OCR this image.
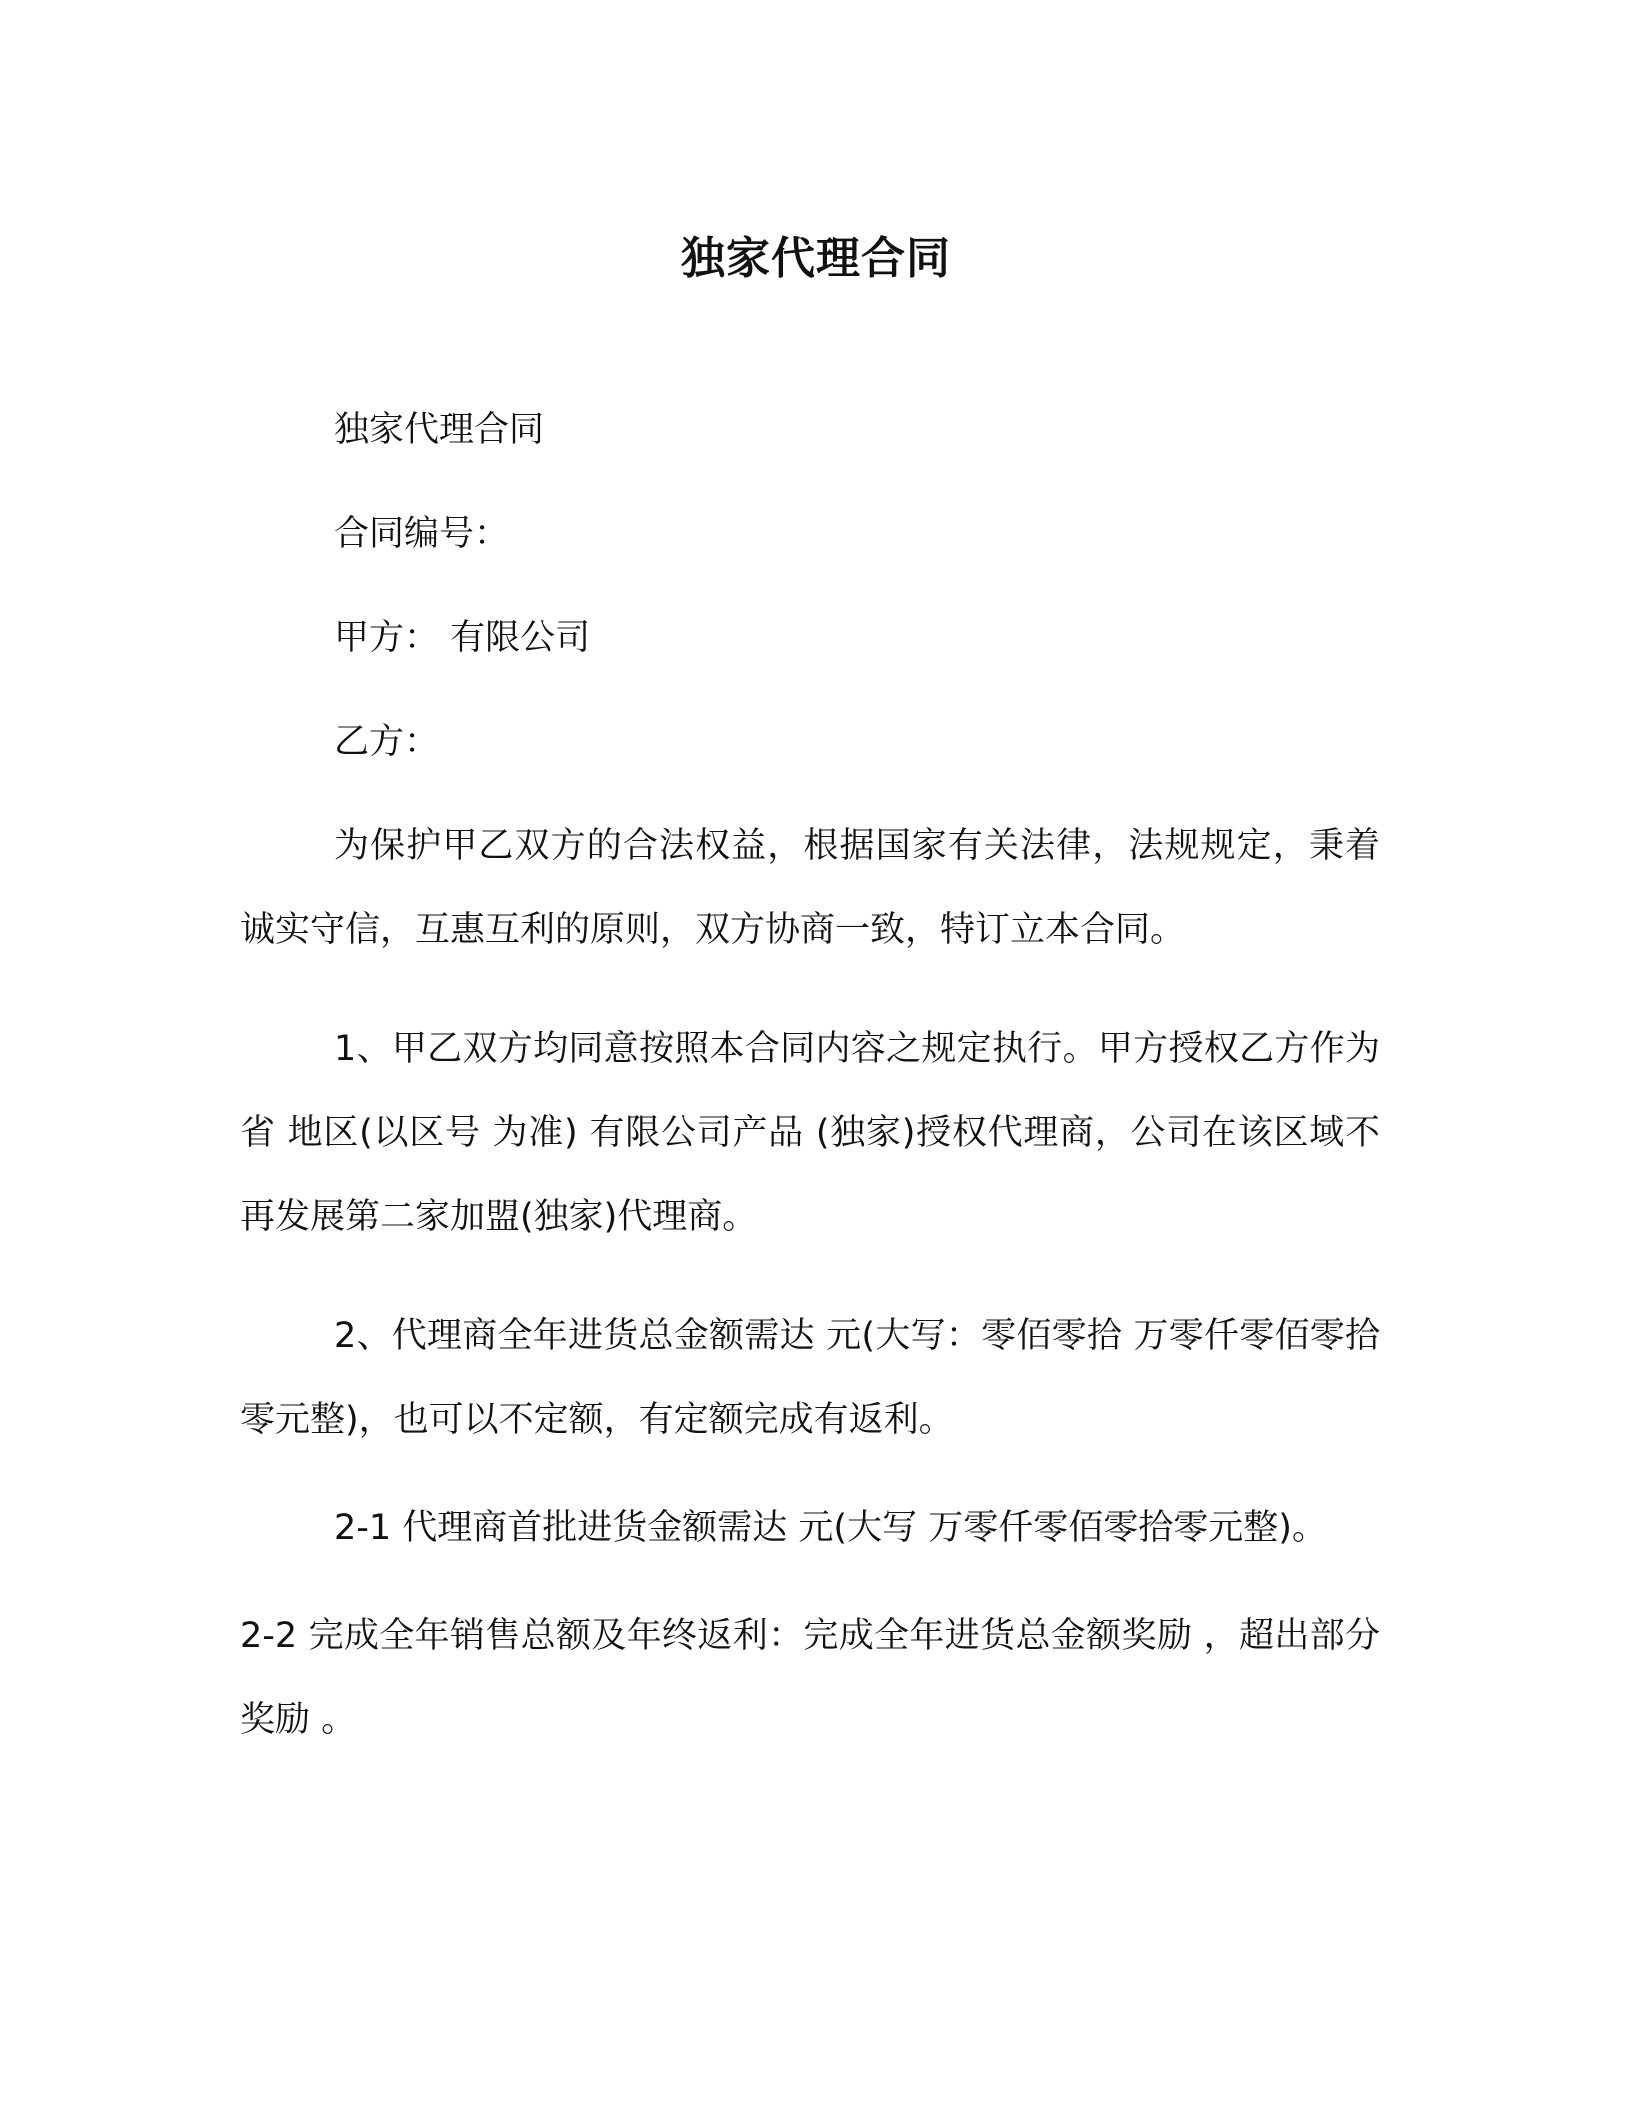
独家代理合同
独家代理合同
合同编号：
甲方： 有限公司
乙方：

为保护甲乙双方的合法权益，根据国家有关法律，法规规定，秉着诚实守信，互惠互利的原则，双方协商一致，特订立本合同。

1、甲乙双方均同意按照本合同内容之规定执行。甲方授权乙方作为 省 地区(以区号 为准) 有限公司产品 (独家)授权代理商，公司在该区域不再发展第二家加盟(独家)代理商。

2、代理商全年进货总金额需达 元(大写：零佰零拾 万零仟零佰零拾零元整)，也可以不定额，有定额完成有返利。

2-1 代理商首批进货金额需达 元(大写 万零仟零佰零拾零元整)。

2-2 完成全年销售总额及年终返利：完成全年进货总金额奖励 ，超出部分奖励 。
